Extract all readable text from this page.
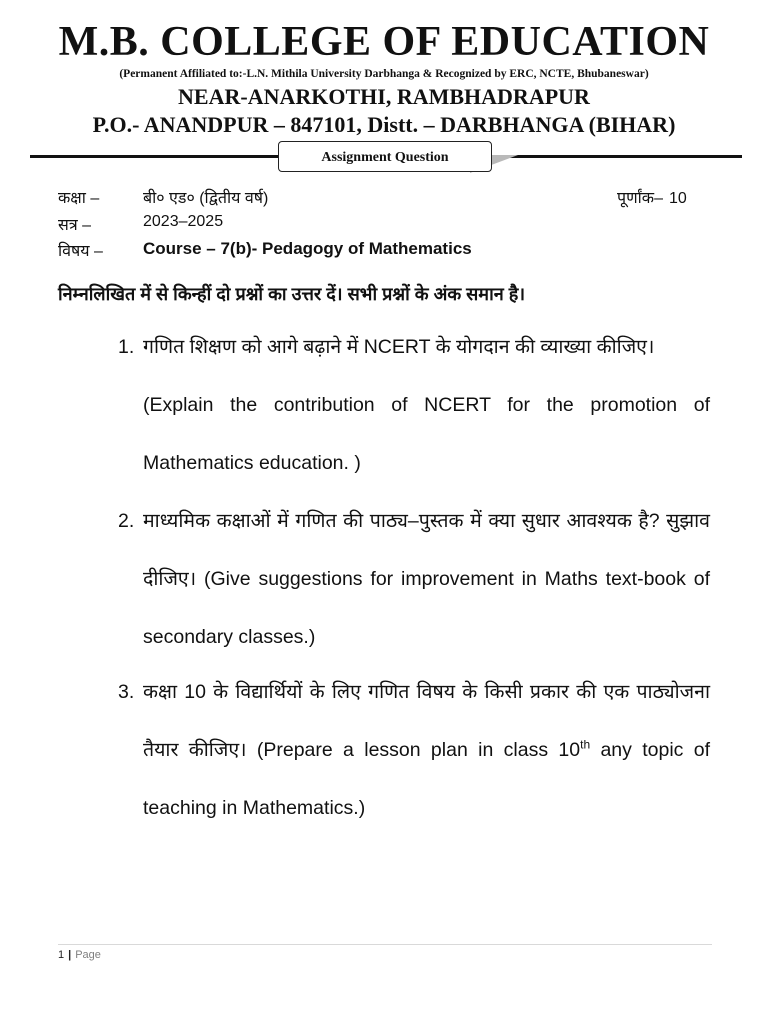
M.B. COLLEGE OF EDUCATION
(Permanent Affiliated to:-L.N. Mithila University Darbhanga & Recognized by ERC, NCTE, Bhubaneswar)
NEAR-ANARKOTHI, RAMBHADRAPUR
P.O.- ANANDPUR – 847101, Distt. – DARBHANGA (BIHAR)
Assignment Question
कक्षा –	बी० एड० (द्वितीय वर्ष)	पूर्णांक– 10
सत्र –	2023–2025
विषय – Course – 7(b)- Pedagogy of Mathematics
निम्नलिखित में से किन्हीं दो प्रश्नों का उत्तर दें। सभी प्रश्नों के अंक समान है।
1. गणित शिक्षण को आगे बढ़ाने में NCERT के योगदान की व्याख्या कीजिए।
(Explain the contribution of NCERT for the promotion of Mathematics education. )
2. माध्यमिक कक्षाओं में गणित की पाठ्य–पुस्तक में क्या सुधार आवश्यक है? सुझाव दीजिए। (Give suggestions for improvement in Maths text-book of secondary classes.)
3. कक्षा 10 के विद्यार्थियों के लिए गणित विषय के किसी प्रकार की एक पाठ्योजना तैयार कीजिए। (Prepare a lesson plan in class 10th any topic of teaching in Mathematics.)
1 | Page
